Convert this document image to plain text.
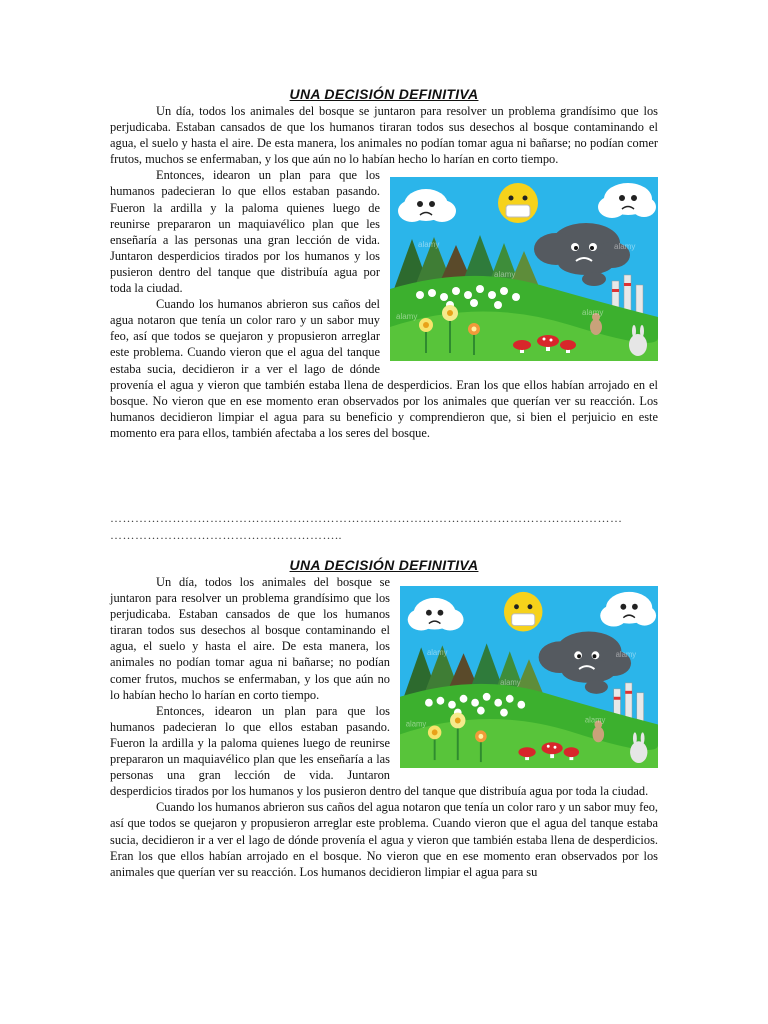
UNA DECISIÓN DEFINITIVA

Un día, todos los animales del bosque se juntaron para resolver un problema grandísimo que los perjudicaba. Estaban cansados de que los humanos tiraran todos sus desechos al bosque contaminando el agua, el suelo y hasta el aire. De esta manera, los animales no podían tomar agua ni bañarse; no podían comer frutos, muchos se enfermaban, y los que aún no lo habían hecho lo harían en corto tiempo.

alamy
alamy
alamy
alamy	alamy

Entonces, idearon un plan para que los humanos padecieran lo que ellos estaban pasando. Fueron la ardilla y la paloma quienes luego de reunirse prepararon un maquiavélico plan que les enseñaría a las personas una gran lección de vida. Juntaron desperdicios tirados por los humanos y los pusieron dentro del tanque que distribuía agua por toda la ciudad.

Cuando los humanos abrieron sus caños del agua notaron que tenía un color raro y un sabor muy feo, así que todos se quejaron y propusieron arreglar este problema. Cuando vieron que el agua del tanque estaba sucia, decidieron ir a ver el lago de dónde provenía el agua y vieron que también estaba llena de desperdicios. Eran los que ellos habían arrojado en el bosque. No vieron que en ese momento eran observados por los animales que querían ver su reacción. Los humanos decidieron limpiar el agua para su beneficio y comprendieron que, si bien el perjuicio en este momento era para ellos, también afectaba a los seres del bosque.

……………………………………………………………………………………………………………
………………………………………………..
UNA DECISIÓN DEFINITIVA
alamy
alamy
alamy
alamy	alamy

Un día, todos los animales del bosque se juntaron para resolver un problema grandísimo que los perjudicaba. Estaban cansados de que los humanos tiraran todos sus desechos al bosque contaminando el agua, el suelo y hasta el aire. De esta manera, los animales no podían tomar agua ni bañarse; no podían comer frutos, muchos se enfermaban, y los que aún no lo habían hecho lo harían en corto tiempo.

Entonces, idearon un plan para que los humanos padecieran lo que ellos estaban pasando. Fueron la ardilla y la paloma quienes luego de reunirse prepararon un maquiavélico plan que les enseñaría a las personas una gran lección de vida. Juntaron desperdicios tirados por los humanos y los pusieron dentro del tanque que distribuía agua por toda la ciudad.

Cuando los humanos abrieron sus caños del agua notaron que tenía un color raro y un sabor muy feo, así que todos se quejaron y propusieron arreglar este problema. Cuando vieron que el agua del tanque estaba sucia, decidieron ir a ver el lago de dónde provenía el agua y vieron que también estaba llena de desperdicios. Eran los que ellos habían arrojado en el bosque. No vieron que en ese momento eran observados por los animales que querían ver su reacción. Los humanos decidieron limpiar el agua para su
